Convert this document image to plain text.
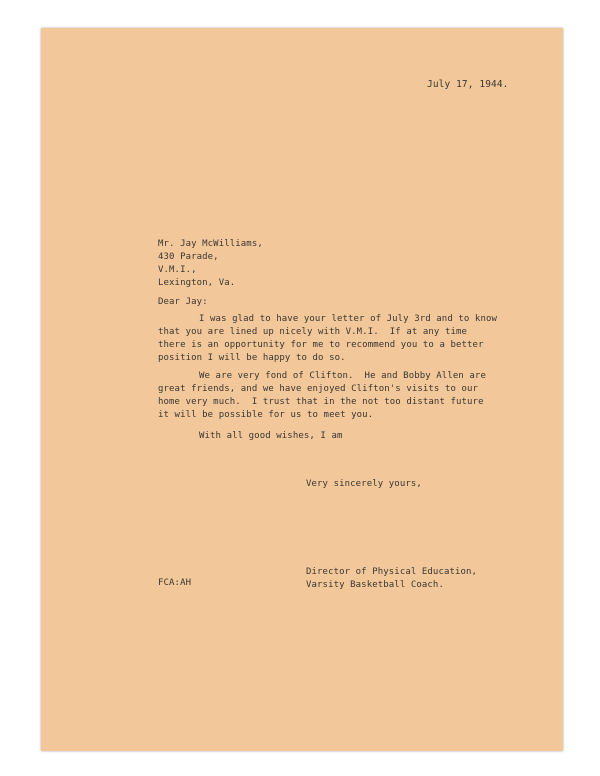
July 17, 1944.
Mr. Jay McWilliams,
430 Parade,
V.M.I.,
Lexington, Va.
Dear Jay:
I was glad to have your letter of July 3rd and to know
that you are lined up nicely with V.M.I.  If at any time
there is an opportunity for me to recommend you to a better
position I will be happy to do so.
We are very fond of Clifton.  He and Bobby Allen are
great friends, and we have enjoyed Clifton's visits to our
home very much.  I trust that in the not too distant future
it will be possible for us to meet you.
With all good wishes, I am
Very sincerely yours,
Director of Physical Education,
Varsity Basketball Coach.
FCA:AH
